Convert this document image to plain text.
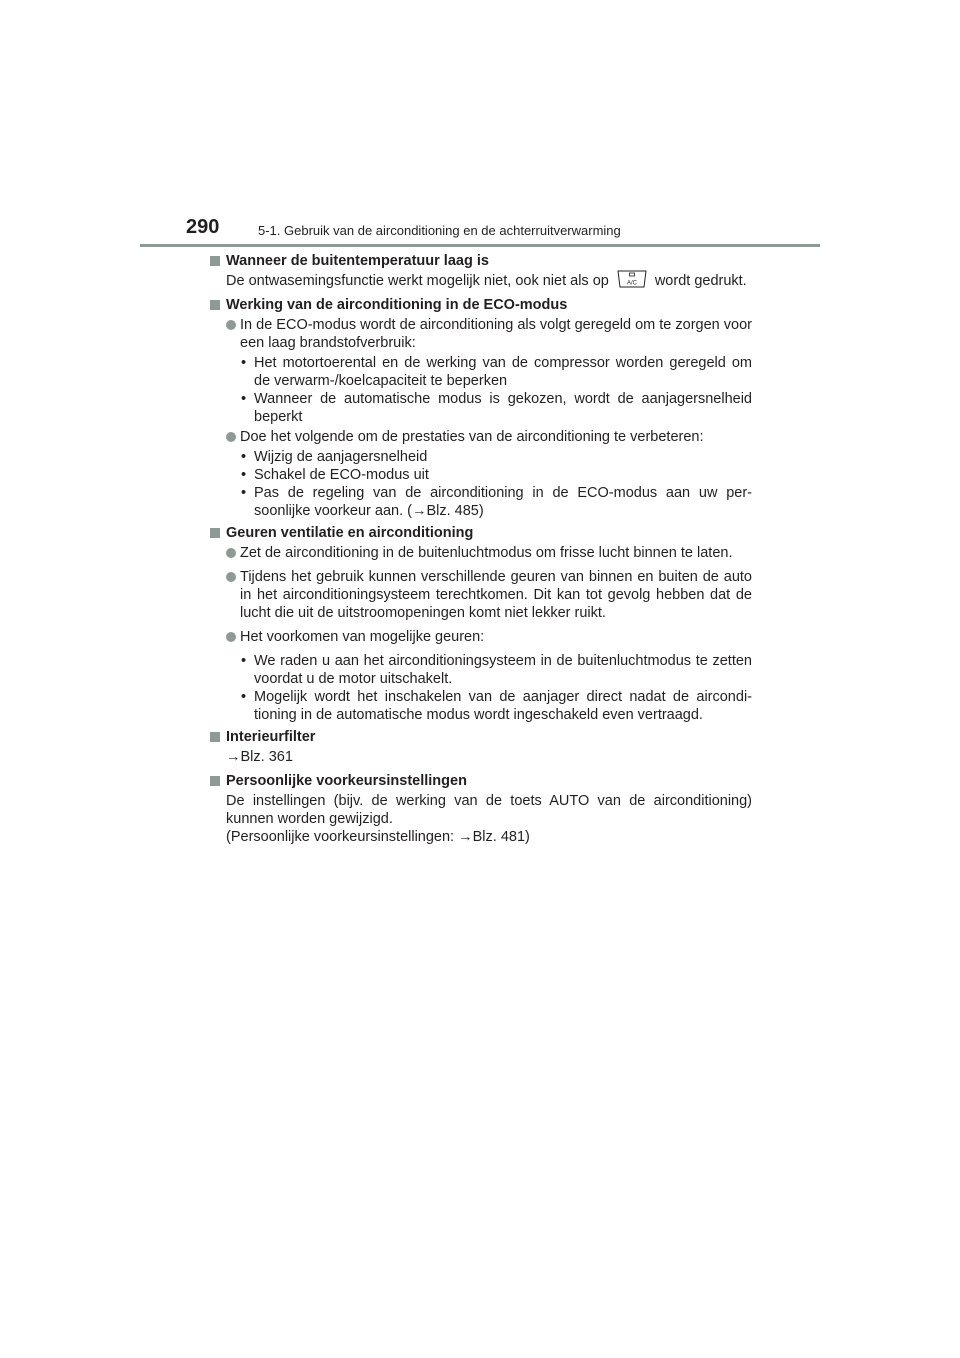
290	5-1. Gebruik van de airconditioning en de achterruitverwarming
Wanneer de buitentemperatuur laag is
De ontwasemingsfunctie werkt mogelijk niet, ook niet als op	A/C wordt gedrukt.
Werking van de airconditioning in de ECO-modus
In de ECO-modus wordt de airconditioning als volgt geregeld om te zorgen voor een laag brandstofverbruik:
• Het motortoerental en de werking van de compressor worden geregeld om de verwarm-/koelcapaciteit te beperken
• Wanneer de automatische modus is gekozen, wordt de aanjagersnelheid beperkt
Doe het volgende om de prestaties van de airconditioning te verbeteren:
• Wijzig de aanjagersnelheid
• Schakel de ECO-modus uit
• Pas de regeling van de airconditioning in de ECO-modus aan uw per-soonlijke voorkeur aan. (→Blz. 485)
Geuren ventilatie en airconditioning
Zet de airconditioning in de buitenluchtmodus om frisse lucht binnen te laten.
Tijdens het gebruik kunnen verschillende geuren van binnen en buiten de auto in het airconditioningsysteem terechtkomen. Dit kan tot gevolg hebben dat de lucht die uit de uitstroomopeningen komt niet lekker ruikt.
Het voorkomen van mogelijke geuren:
• We raden u aan het airconditioningsysteem in de buitenluchtmodus te zetten voordat u de motor uitschakelt.
• Mogelijk wordt het inschakelen van de aanjager direct nadat de aircondi-tioning in de automatische modus wordt ingeschakeld even vertraagd.
Interieurfilter
→Blz. 361
Persoonlijke voorkeursinstellingen
De instellingen (bijv. de werking van de toets AUTO van de airconditioning) kunnen worden gewijzigd.
(Persoonlijke voorkeursinstellingen: →Blz. 481)
